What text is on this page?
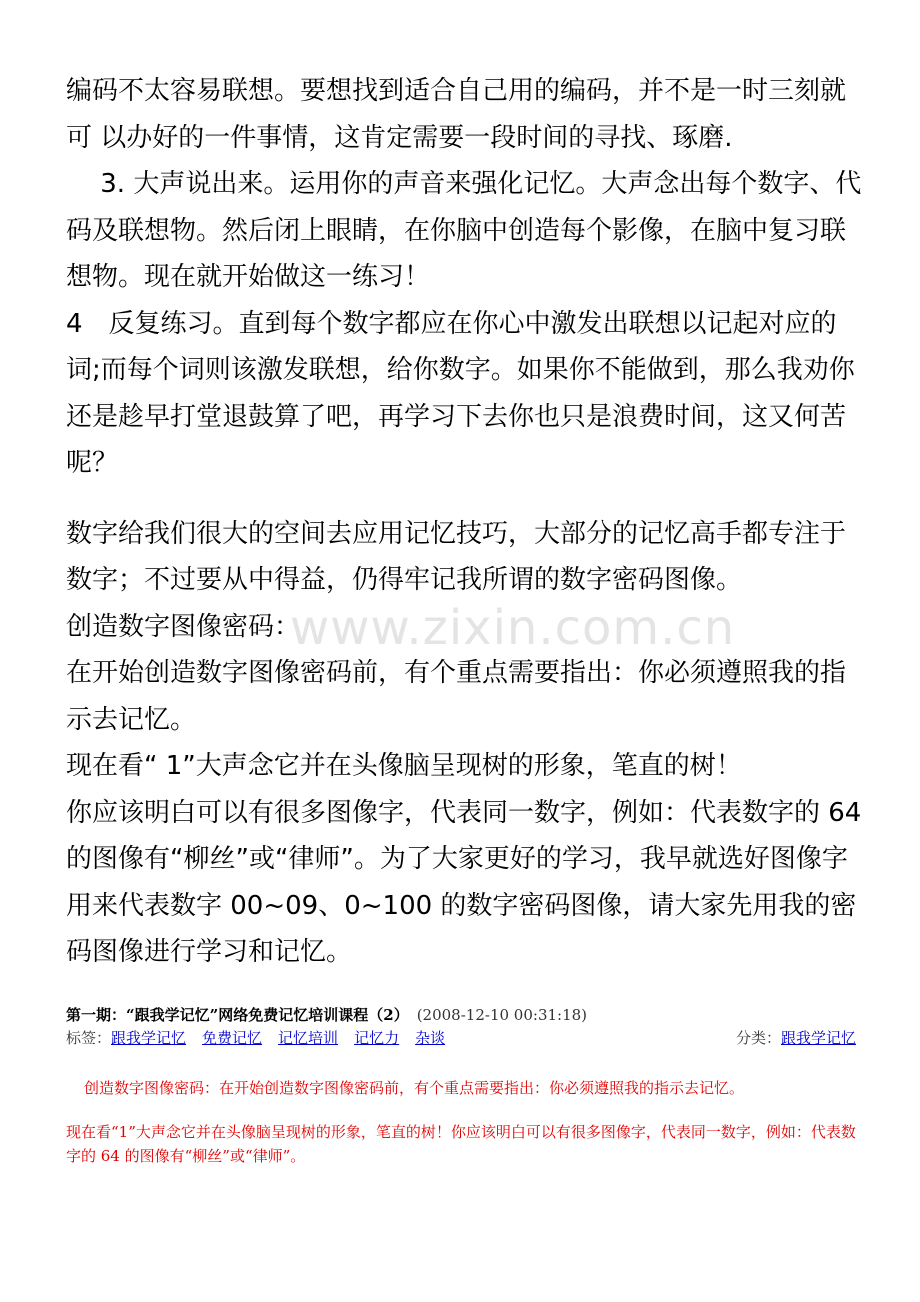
www.zixin.com.cn

编码不太容易联想。要想找到适合自己用的编码，并不是一时三刻就可 以办好的一件事情，这肯定需要一段时间的寻找、琢磨.

　 3. 大声说出来。运用你的声音来强化记忆。大声念出每个数字、代码及联想物。然后闭上眼睛，在你脑中创造每个影像，在脑中复习联想物。现在就开始做这一练习！

4　反复练习。直到每个数字都应在你心中激发出联想以记起对应的词;而每个词则该激发联想，给你数字。如果你不能做到，那么我劝你还是趁早打堂退鼓算了吧，再学习下去你也只是浪费时间，这又何苦呢？

数字给我们很大的空间去应用记忆技巧，大部分的记忆高手都专注于数字；不过要从中得益，仍得牢记我所谓的数字密码图像。

创造数字图像密码：

在开始创造数字图像密码前，有个重点需要指出：你必须遵照我的指示去记忆。

现在看“ 1”大声念它并在头像脑呈现树的形象，笔直的树！

你应该明白可以有很多图像字，代表同一数字，例如：代表数字的 64 的图像有“柳丝”或“律师”。为了大家更好的学习，我早就选好图像字用来代表数字 00~09、0~100 的数字密码图像，请大家先用我的密码图像进行学习和记忆。

第一期：“跟我学记忆”网络免费记忆培训课程（2） (2008-12-10 00:31:18)
标签：跟我学记忆 免费记忆 记忆培训 记忆力 杂谈	分类：跟我学记忆

创造数字图像密码：在开始创造数字图像密码前，有个重点需要指出：你必须遵照我的指示去记忆。

现在看“1”大声念它并在头像脑呈现树的形象，笔直的树！你应该明白可以有很多图像字，代表同一数字，例如：代表数字的 64 的图像有“柳丝”或“律师”。
